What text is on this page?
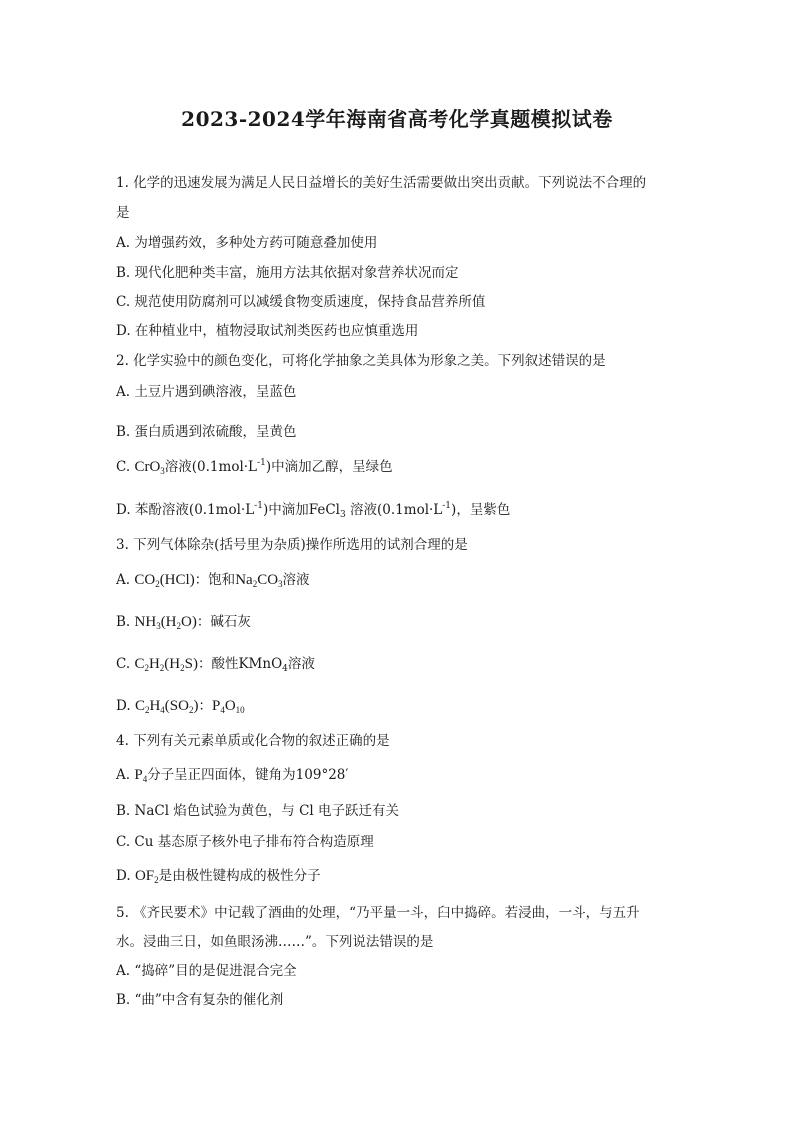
2023-2024学年海南省高考化学真题模拟试卷
1. 化学的迅速发展为满足人民日益增长的美好生活需要做出突出贡献。下列说法不合理的
是
A. 为增强药效，多种处方药可随意叠加使用
B. 现代化肥种类丰富，施用方法其依据对象营养状况而定
C. 规范使用防腐剂可以减缓食物变质速度，保持食品营养所值
D. 在种植业中，植物浸取试剂类医药也应慎重选用
2. 化学实验中的颜色变化，可将化学抽象之美具体为形象之美。下列叙述错误的是
A. 土豆片遇到碘溶液，呈蓝色
B. 蛋白质遇到浓硫酸，呈黄色
C. CrO$_3$溶液$(0.1mol\cdot L^{-1})$中滴加乙醇，呈绿色
D. 苯酚溶液$(0.1mol\cdot L^{-1})$中滴加FeCl$_3$ 溶液$(0.1mol\cdot L^{-1})$，呈紫色
3. 下列气体除杂(括号里为杂质)操作所选用的试剂合理的是
A. $CO_2(HCl)$：饱和$Na_2CO_3$溶液
B. $NH_3(H_2O)$：碱石灰
C. $C_2H_2(H_2S)$：酸性KMnO$_4$溶液
D. $C_2H_4(SO_2)$：$P_4O_{10}$
4. 下列有关元素单质或化合物的叙述正确的是
A. $P_4$分子呈正四面体，键角为109°28′
B. NaCl 焰色试验为黄色，与 Cl 电子跃迁有关
C. Cu 基态原子核外电子排布符合构造原理
D. $OF_2$是由极性键构成的极性分子
5. 《齐民要术》中记载了酒曲的处理，“乃平量一斗，臼中捣碎。若浸曲，一斗，与五升
水。浸曲三日，如鱼眼汤沸……”。下列说法错误的是
A. “捣碎”目的是促进混合完全
B. “曲”中含有复杂的催化剂
